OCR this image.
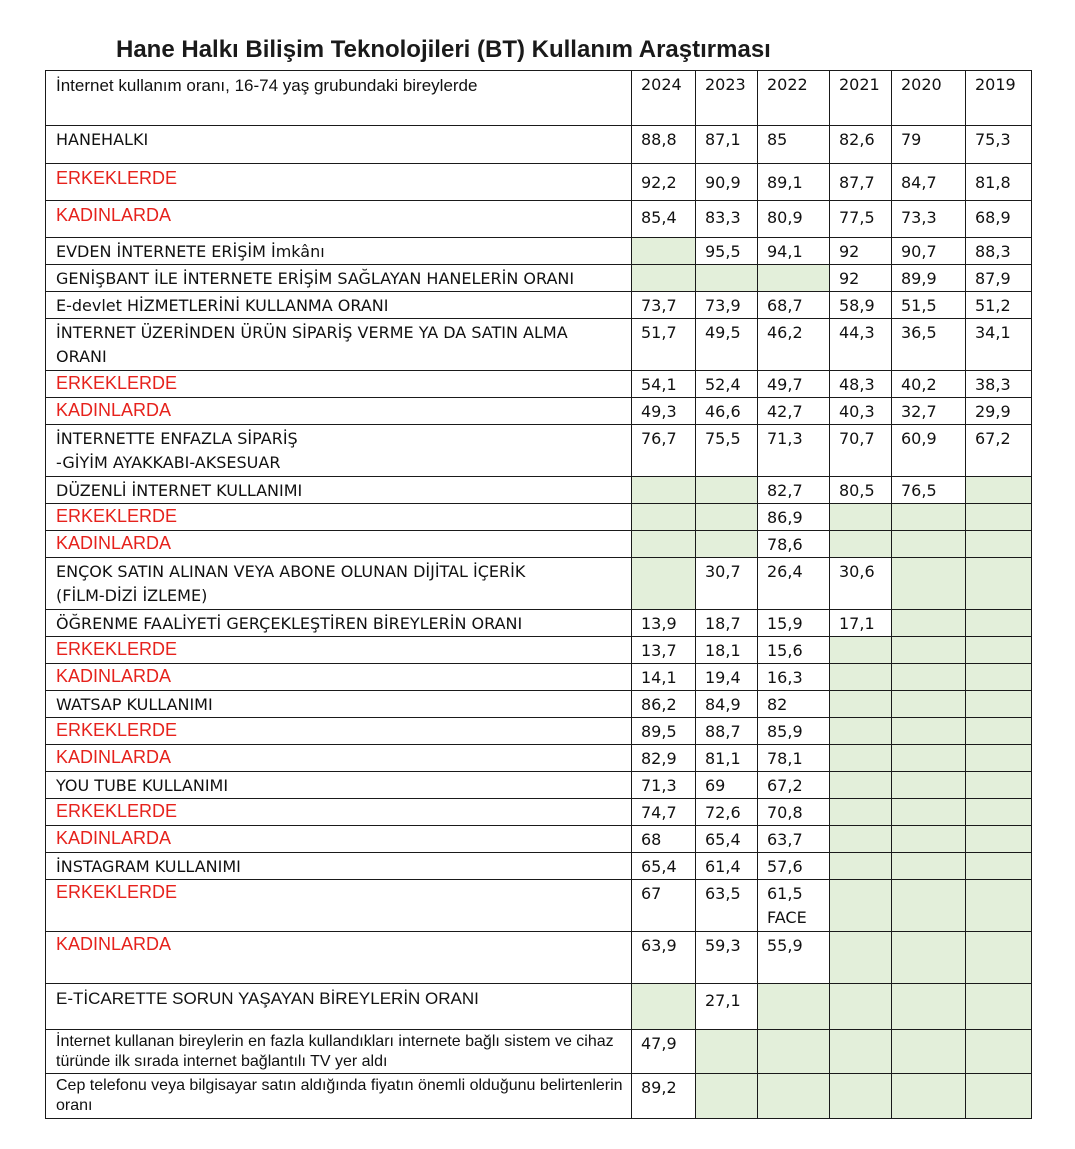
Hane Halkı Bilişim Teknolojileri (BT) Kullanım Araştırması
İnternet kullanım oranı, 16-74 yaş grubundaki bireylerde	2024	2023	2022	2021	2020	2019
HANEHALKI	88,8	87,1	85	82,6	79	75,3
ERKEKLERDE	92,2	90,9	89,1	87,7	84,7	81,8
KADINLARDA	85,4	83,3	80,9	77,5	73,3	68,9
EVDEN İNTERNETE ERİŞİM İmkânı		95,5	94,1	92	90,7	88,3
GENİŞBANT İLE İNTERNETE ERİŞİM SAĞLAYAN HANELERİN ORANI				92	89,9	87,9
E-devlet HİZMETLERİNİ KULLANMA ORANI	73,7	73,9	68,7	58,9	51,5	51,2
İNTERNET ÜZERİNDEN ÜRÜN SİPARİŞ VERME YA DA SATIN ALMA ORANI	51,7	49,5	46,2	44,3	36,5	34,1
ERKEKLERDE	54,1	52,4	49,7	48,3	40,2	38,3
KADINLARDA	49,3	46,6	42,7	40,3	32,7	29,9

İNTERNETTE ENFAZLA SİPARİŞ
-GİYİM AYAKKABI-AKSESUAR	76,7	75,5	71,3	70,7	60,9	67,2
DÜZENLİ İNTERNET KULLANIMI			82,7	80,5	76,5	
ERKEKLERDE			86,9			
KADINLARDA			78,6			

ENÇOK SATIN ALINAN VEYA ABONE OLUNAN DİJİTAL İÇERİK
(FİLM-DİZİ İZLEME)		30,7	26,4	30,6		
ÖĞRENME FAALİYETİ GERÇEKLEŞTİREN BİREYLERİN ORANI	13,9	18,7	15,9	17,1		
ERKEKLERDE	13,7	18,1	15,6			
KADINLARDA	14,1	19,4	16,3			
WATSAP KULLANIMI	86,2	84,9	82			
ERKEKLERDE	89,5	88,7	85,9			
KADINLARDA	82,9	81,1	78,1			
YOU TUBE KULLANIMI	71,3	69	67,2			
ERKEKLERDE	74,7	72,6	70,8			
KADINLARDA	68	65,4	63,7			
İNSTAGRAM KULLANIMI	65,4	61,4	57,6			
ERKEKLERDE	67	63,5	61,5
FACE			

KADINLARDA	63,9	59,3	55,9			
E-TİCARETTE SORUN YAŞAYAN BİREYLERİN ORANI		27,1				
İnternet kullanan bireylerin en fazla kullandıkları internete bağlı sistem ve cihaz türünde ilk sırada internet bağlantılı TV yer aldı	47,9					
Cep telefonu veya bilgisayar satın aldığında fiyatın önemli olduğunu belirtenlerin oranı	89,2					
